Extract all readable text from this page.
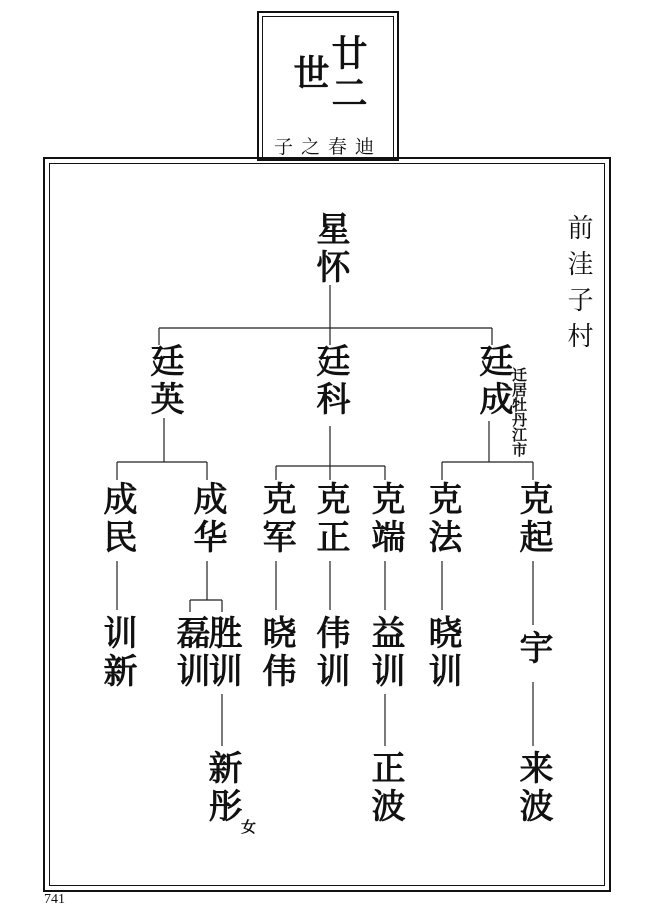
廿二世
子之春迪
前洼子村
星怀
廷英	廷科	廷成
迁居牡丹江市
成民 成华 克军 克正 克端 克法 克起
训新 磊训
胜训 晓伟 伟训 益训 晓训 宇
新彤
女
正波	来波
741
